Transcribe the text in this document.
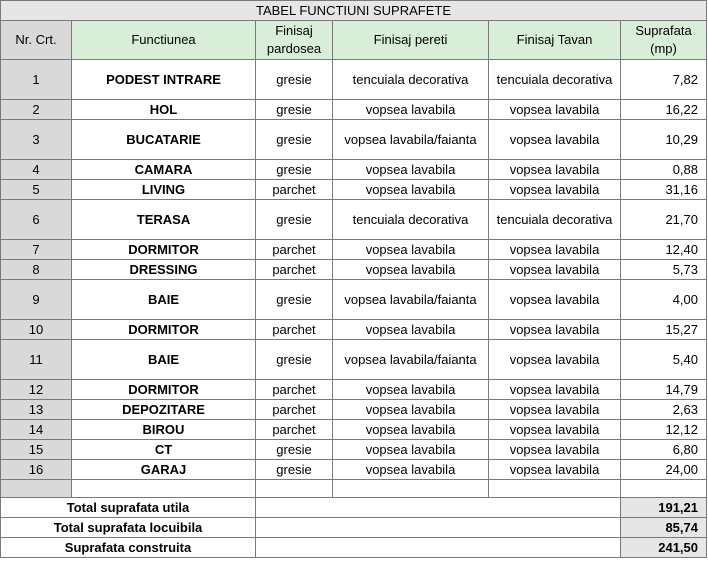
TABEL FUNCTIUNI SUPRAFETE					
Nr. Crt.	Functiunea	Finisaj pardosea	Finisaj pereti	Finisaj Tavan	Suprafata (mp)
1	PODEST INTRARE	gresie	tencuiala decorativa	tencuiala decorativa	7,82
2	HOL	gresie	vopsea lavabila	vopsea lavabila	16,22
3	BUCATARIE	gresie	vopsea lavabila/faianta	vopsea lavabila	10,29
4	CAMARA	gresie	vopsea lavabila	vopsea lavabila	0,88
5	LIVING	parchet	vopsea lavabila	vopsea lavabila	31,16
6	TERASA	gresie	tencuiala decorativa	tencuiala decorativa	21,70
7	DORMITOR	parchet	vopsea lavabila	vopsea lavabila	12,40
8	DRESSING	parchet	vopsea lavabila	vopsea lavabila	5,73
9	BAIE	gresie	vopsea lavabila/faianta	vopsea lavabila	4,00
10	DORMITOR	parchet	vopsea lavabila	vopsea lavabila	15,27
11	BAIE	gresie	vopsea lavabila/faianta	vopsea lavabila	5,40
12	DORMITOR	parchet	vopsea lavabila	vopsea lavabila	14,79
13	DEPOZITARE	parchet	vopsea lavabila	vopsea lavabila	2,63
14	BIROU	parchet	vopsea lavabila	vopsea lavabila	12,12
15	CT	gresie	vopsea lavabila	vopsea lavabila	6,80
16	GARAJ	gresie	vopsea lavabila	vopsea lavabila	24,00

Total suprafata utila					191,21
Total suprafata locuibila					85,74
Suprafata construita					241,50
